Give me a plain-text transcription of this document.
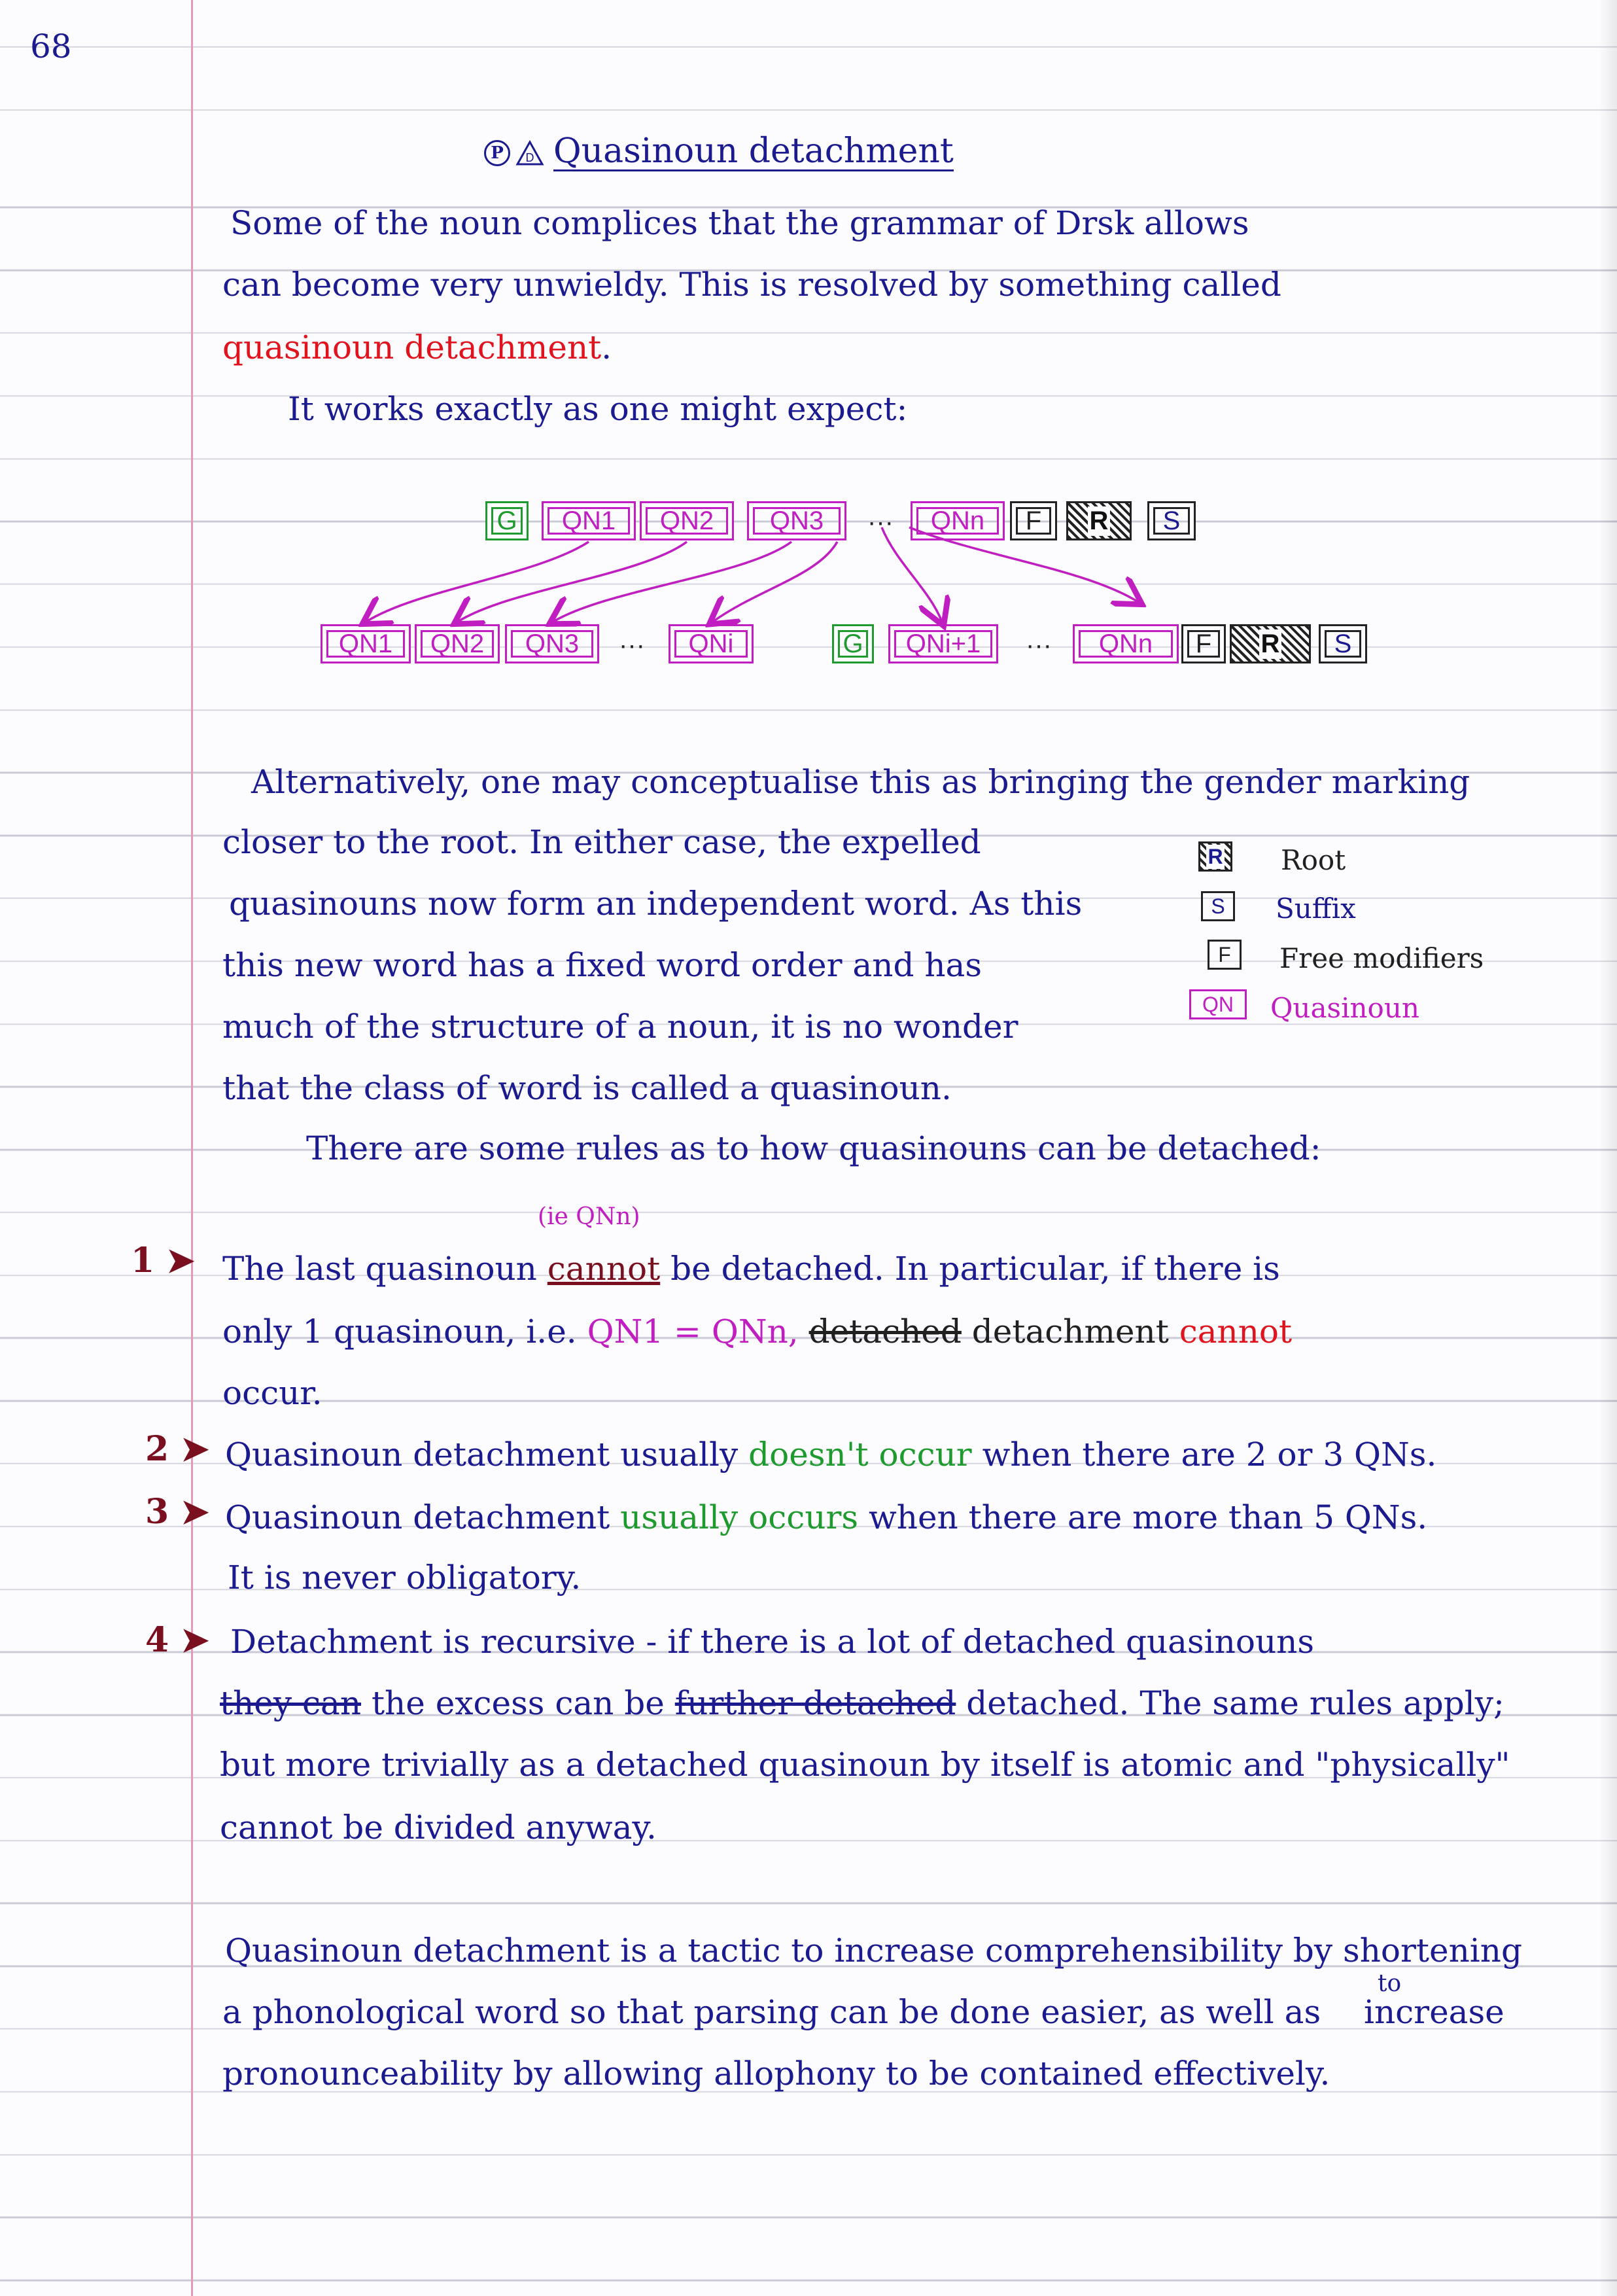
68
P	D Quasinoun detachment
Some of the noun complices that the grammar of Drsk allows
can become very unwieldy. This is resolved by something called
quasinoun detachment.
It works exactly as one might expect:
G	QN1	QN2	QN3	···	QNn	F	R	S
QN1	QN2	QN3	···	QNi	G	QNi+1	···	QNn	F	R	S
Alternatively, one may conceptualise this as bringing the gender marking
closer to the root. In either case, the expelled
quasinouns now form an independent word. As this
this new word has a fixed word order and has
much of the structure of a noun, it is no wonder
that the class of word is called a quasinoun.
R Root
S	Suffix
F	Free modifiers
QN	Quasinoun
There are some rules as to how quasinouns can be detached:
1 ➤
(ie QNn)
The last quasinoun cannot be detached. In particular, if there is
only 1 quasinoun, i.e. QN1 = QNn, detached detachment cannot
occur.
2 ➤ Quasinoun detachment usually doesn't occur when there are 2 or 3 QNs.
3 ➤ Quasinoun detachment usually occurs when there are more than 5 QNs.
It is never obligatory.
4 ➤ Detachment is recursive - if there is a lot of detached quasinouns
they can the excess can be further detached detached. The same rules apply;
but more trivially as a detached quasinoun by itself is atomic and "physically"
cannot be divided anyway.
Quasinoun detachment is a tactic to increase comprehensibility by shortening
to
a phonological word so that parsing can be done easier, as well as increase
pronounceability by allowing allophony to be contained effectively.
